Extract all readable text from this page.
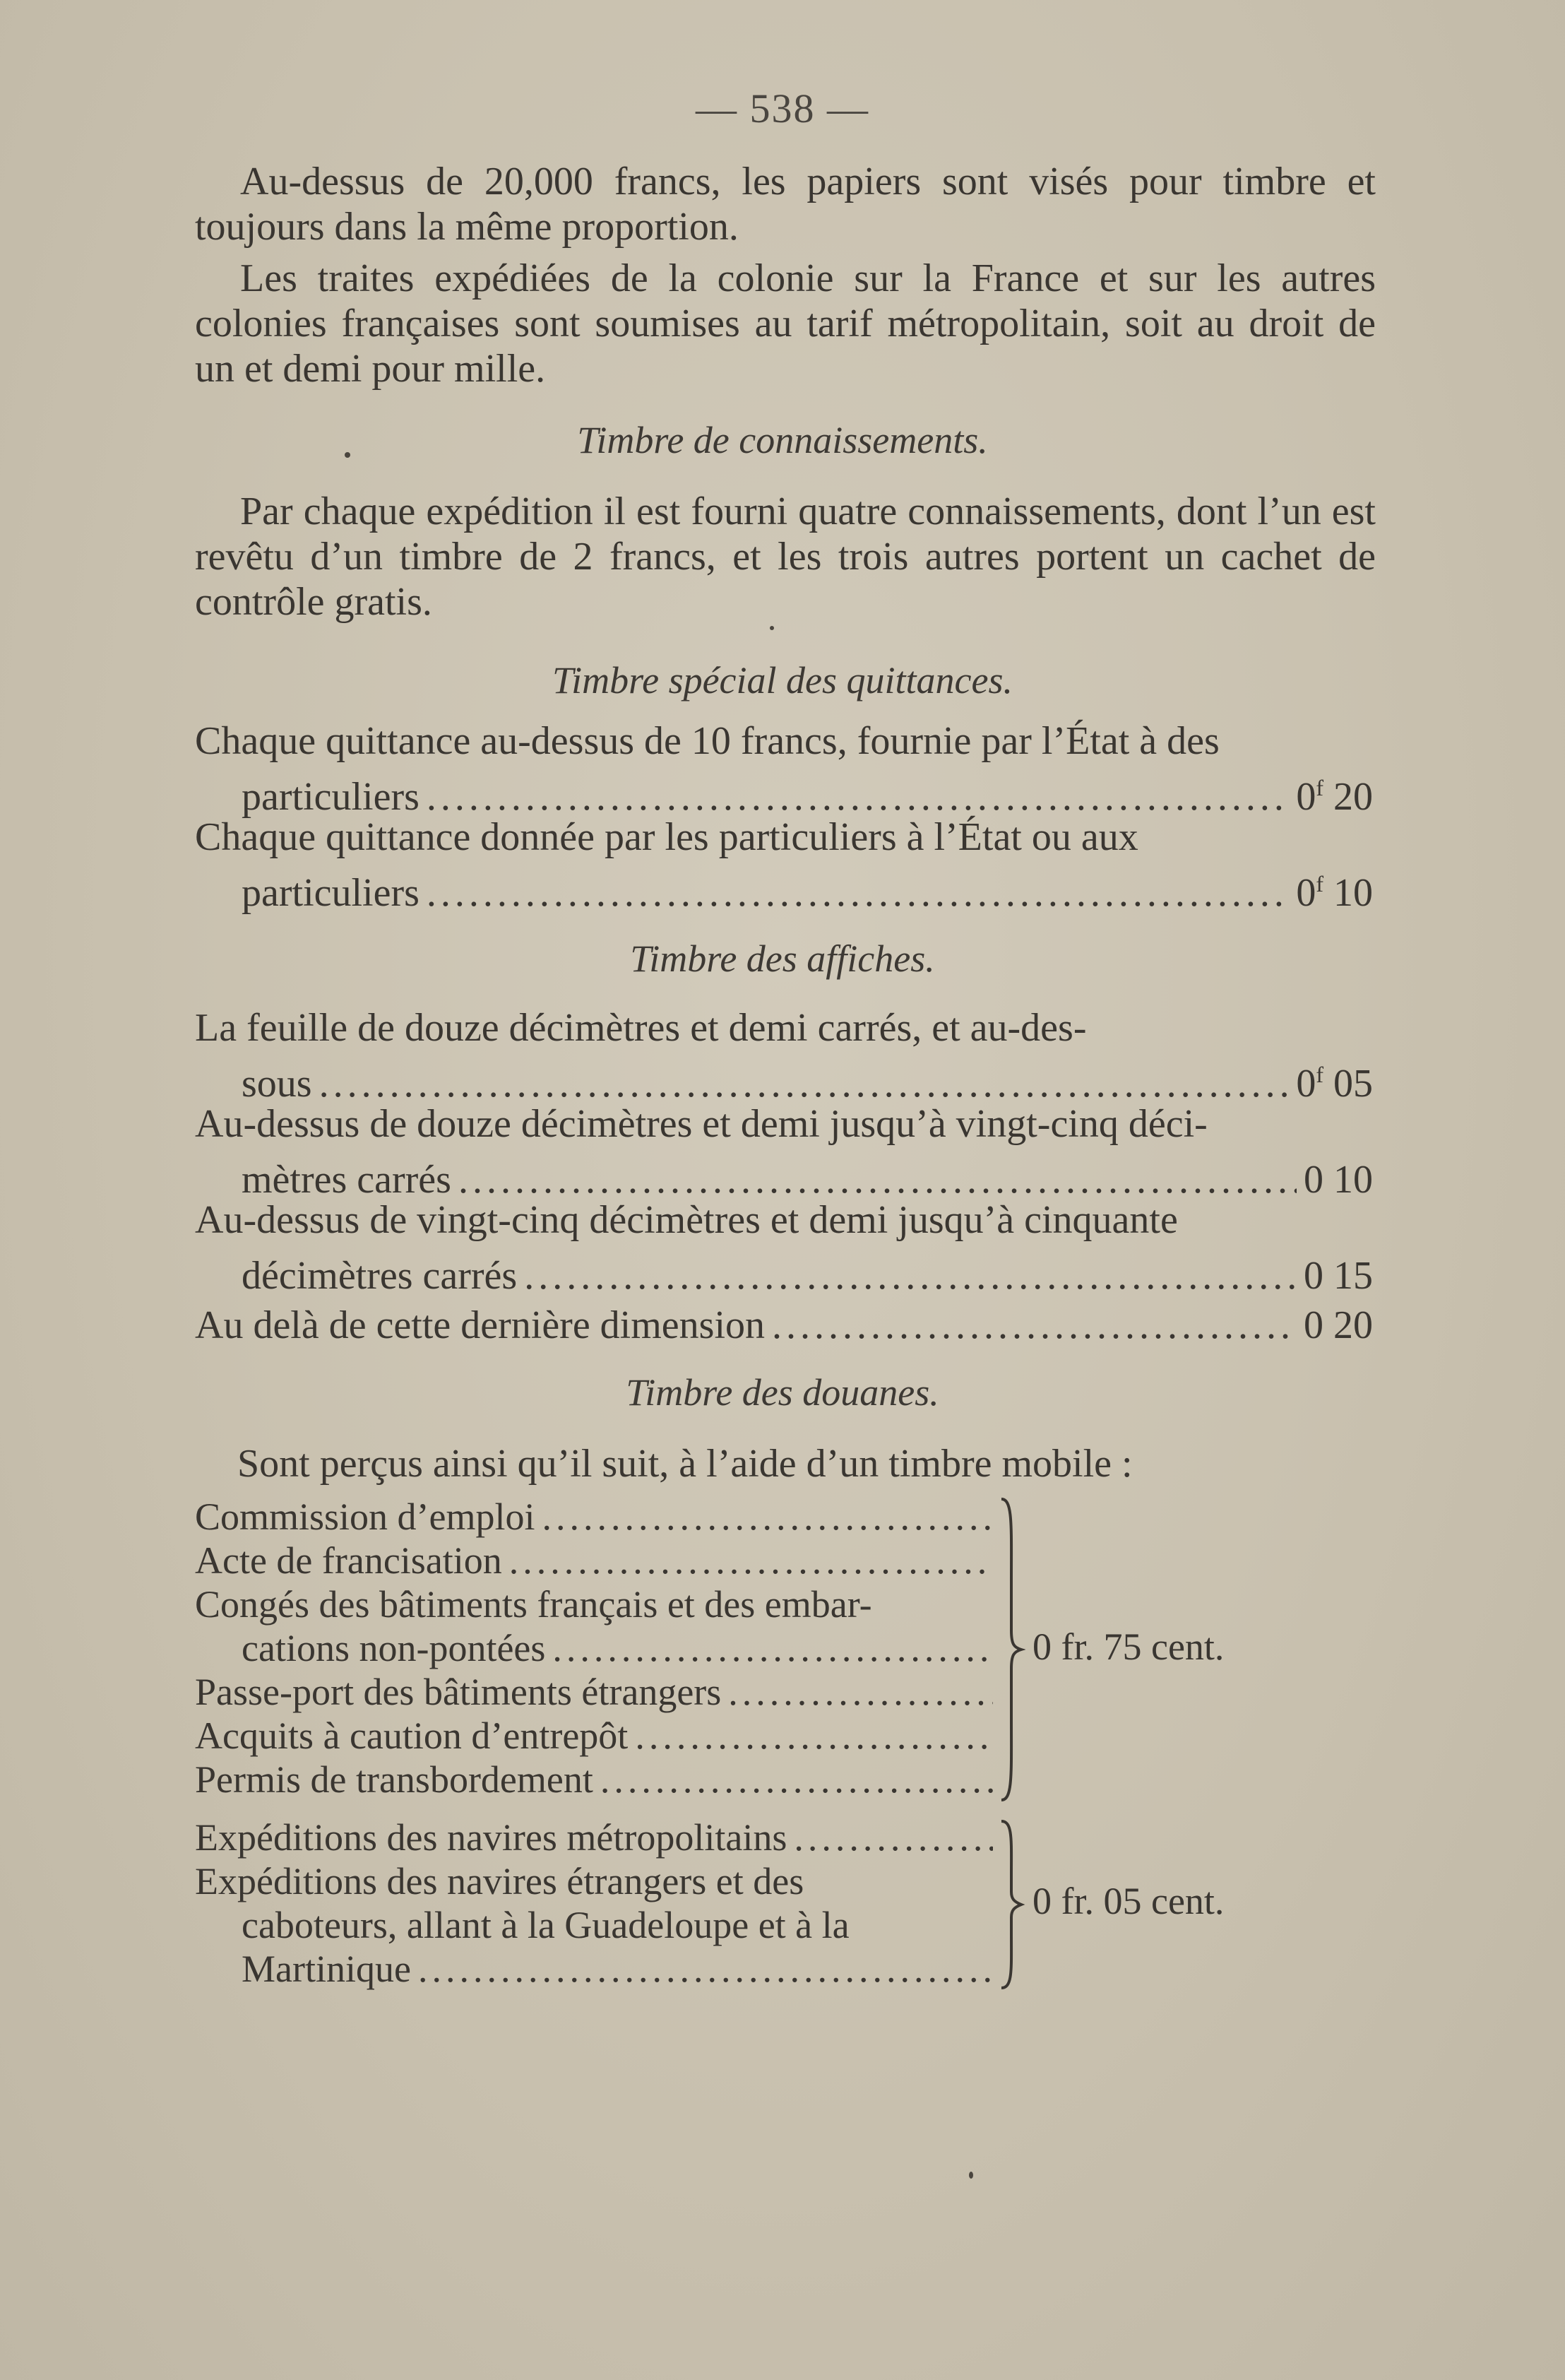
— 538 —

Au-dessus de 20,000 francs, les papiers sont visés pour timbre et toujours dans la même proportion.

Les traites expédiées de la colonie sur la France et sur les autres colonies françaises sont soumises au tarif métropolitain, soit au droit de un et demi pour mille.

Timbre de connaissements.

Par chaque expédition il est fourni quatre connaissements, dont l’un est revêtu d’un timbre de 2 francs, et les trois autres portent un cachet de contrôle gratis.

Timbre spécial des quittances.
Chaque quittance au-dessus de 10 francs, fournie par l’État à des
particuliers .....	0$^f$ 20
Chaque quittance donnée par les particuliers à l’État ou aux
particuliers .....	0$^f$ 10
Timbre des affiches.
La feuille de douze décimètres et demi carrés, et au-des-
sous .....	0$^f$ 05
Au-dessus de douze décimètres et demi jusqu’à vingt-cinq déci-
mètres carrés .....	0 10
Au-dessus de vingt-cinq décimètres et demi jusqu’à cinquante
décimètres carrés .....	0 15
Au delà de cette dernière dimension .....	0 20
Timbre des douanes.

Sont perçus ainsi qu’il suit, à l’aide d’un timbre mobile :

Commission d’emploi
.....
Acte de francisation
.....
Congés des bâtiments français et des embar-
cations non-pontées
.....
Passe-port des bâtiments étrangers
.....
Acquits à caution d’entrepôt
.....
Permis de transbordement
.....
0 fr. 75 cent.
Expéditions des navires métropolitains
.....
Expéditions des navires étrangers et des
caboteurs, allant à la Guadeloupe et à la
Martinique
.....
0 fr. 05 cent.
